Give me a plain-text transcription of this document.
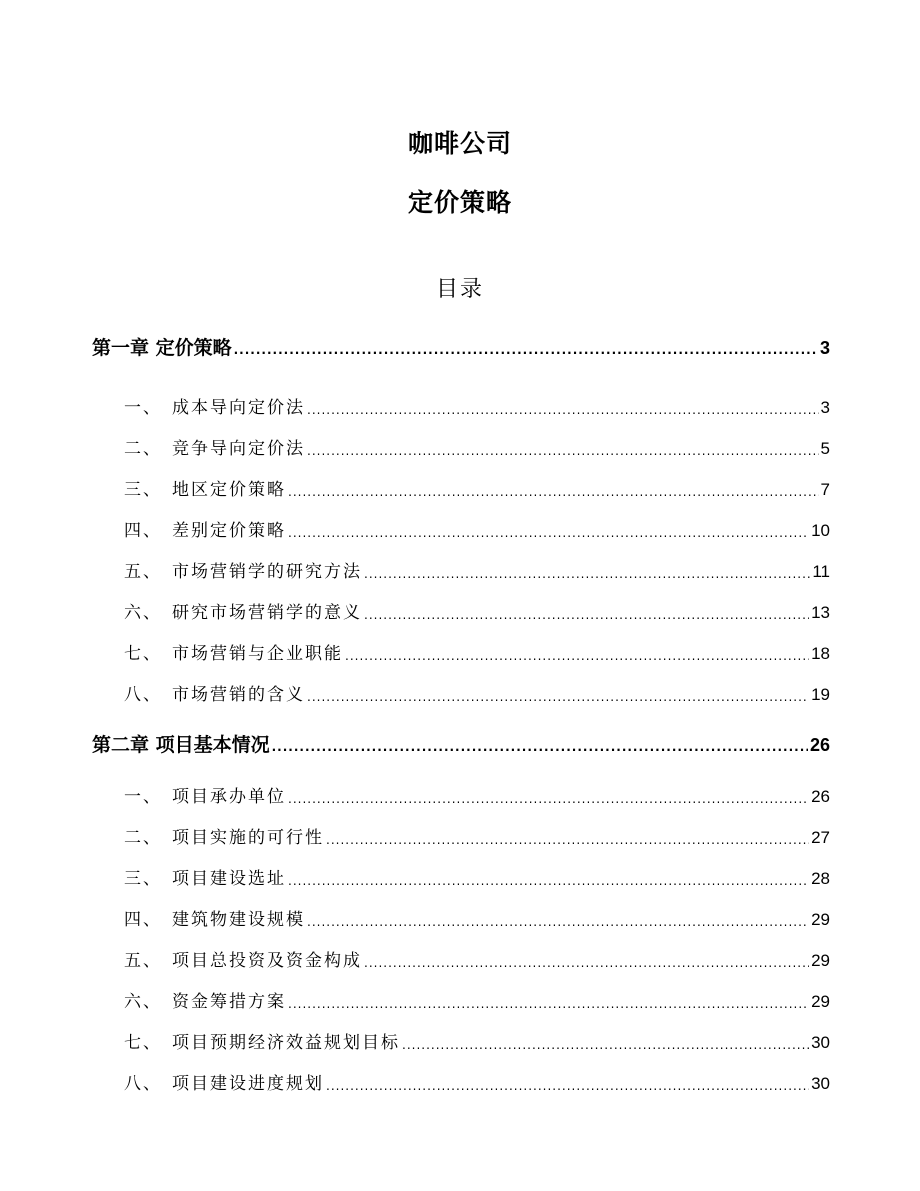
咖啡公司
定价策略
目录
第一章 定价策略 .....	3
一、 成本导向定价法 .....	3
二、 竞争导向定价法 .....	5
三、 地区定价策略 .....	7
四、 差别定价策略 .....	10
五、 市场营销学的研究方法 .....	11
六、 研究市场营销学的意义 .....	13
七、 市场营销与企业职能 .....	18
八、 市场营销的含义 .....	19
第二章 项目基本情况 .....	26
一、 项目承办单位 .....	26
二、 项目实施的可行性 .....	27
三、 项目建设选址 .....	28
四、 建筑物建设规模 .....	29
五、 项目总投资及资金构成 .....	29
六、 资金筹措方案 .....	29
七、 项目预期经济效益规划目标 .....	30
八、 项目建设进度规划 .....	30
